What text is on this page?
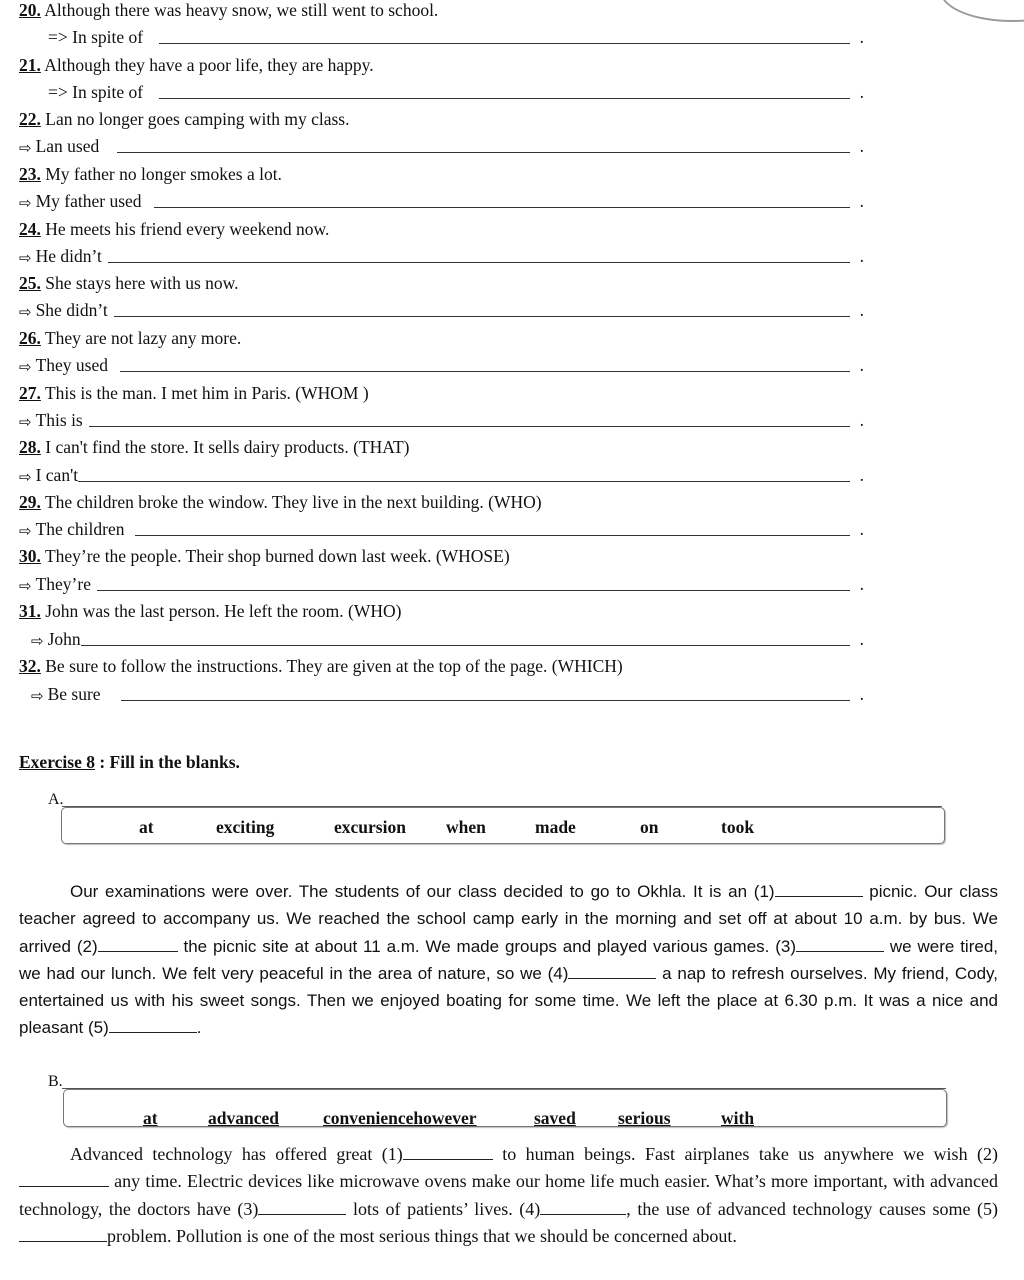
20. Although there was heavy snow, we still went to school.
=>
In spite of	.
21. Although they have a poor life, they are happy.
=>
In spite of	.
22. Lan no longer goes camping with my class.
⇨ Lan used	.
23. My father no longer smokes a lot.
⇨ My father used	.
24. He meets his friend every weekend now.
⇨ He didn’t	.
25. She stays here with us now.
⇨ She didn’t	.
26. They are not lazy any more.
⇨ They used	.
27. This is the man. I met him in Paris. (WHOM )
⇨ This is	.
28. I can't find the store. It sells dairy products. (THAT)
⇨ I can't	.
29. The children broke the window. They live in the next building. (WHO)
⇨ The children	.
30. They’re the people. Their shop burned down last week. (WHOSE)
⇨ They’re	.
31. John was the last person. He left the room. (WHO)
⇨ John	.
32. Be sure to follow the instructions. They are given at the top of the page. (WHICH)
⇨ Be sure	.
Exercise 8 : Fill in the blanks.
A.
at	exciting	excursion when	made	on	took
Our examinations were over. The students of our class decided to go to Okhla. It is an (1)	picnic. Our class teacher agreed to accompany us. We reached the school camp early in the morning and set off at about 10 a.m. by bus. We arrived (2)	the picnic site at about 11 a.m. We made groups and played various games. (3)	we were tired, we had our lunch. We felt very peaceful in the area of nature, so we (4)	a nap to refresh ourselves. My friend, Cody, entertained us with his sweet songs. Then we enjoyed boating for some time. We left the place at 6.30 p.m. It was a nice and pleasant (5)	.
B.
at	advanced	conveniencehowever	saved serious	with
Advanced technology has offered great (1)	to human beings. Fast airplanes take us anywhere we wish (2) any time. Electric devices like microwave ovens make our home life much easier. What’s more important, with advanced technology, the doctors have (3)	lots of patients’ lives. (4)	, the use of advanced technology causes some (5)problem. Pollution is one of the most serious things that we should be concerned about.
